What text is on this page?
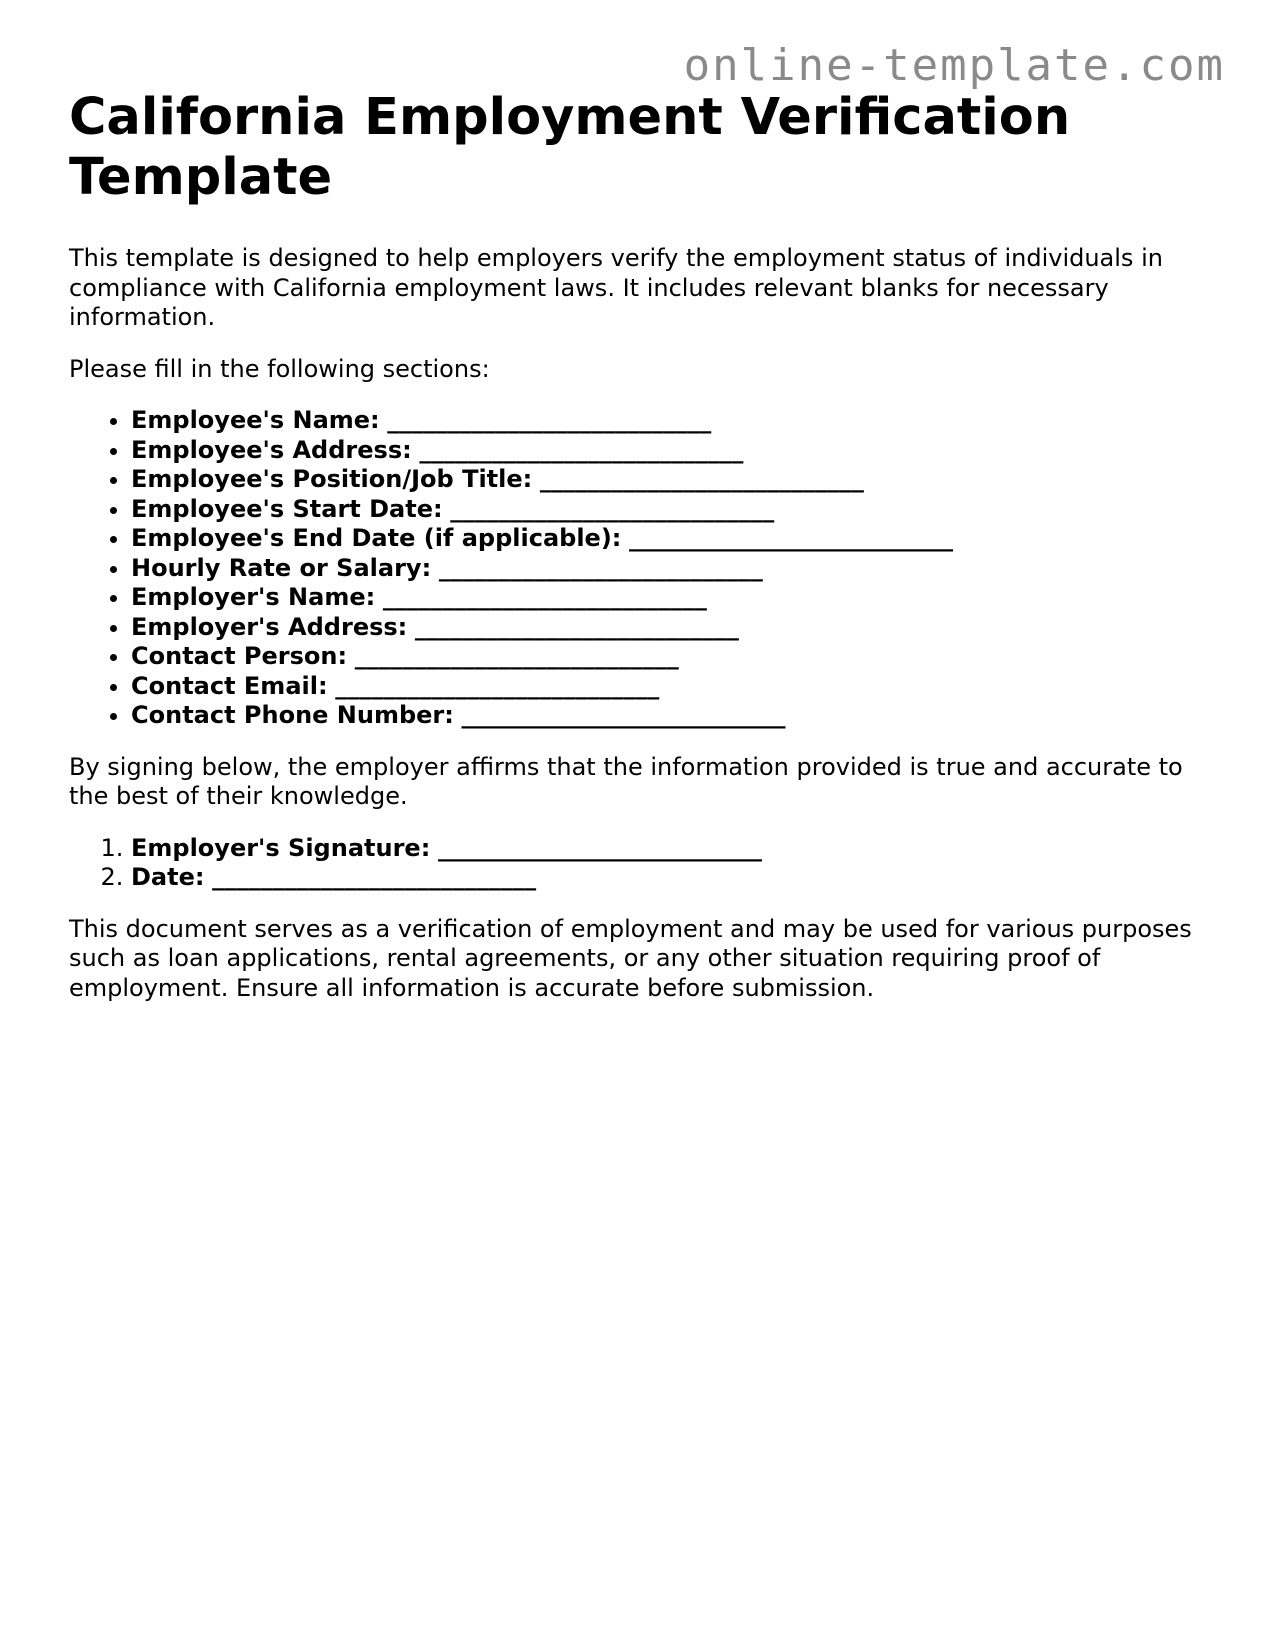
online-template.com
California Employment Verification Template

This template is designed to help employers verify the employment status of individuals in compliance with California employment laws. It includes relevant blanks for necessary information.

Please fill in the following sections:

• Employee's Name: ___________________________
• Employee's Address: ___________________________
• Employee's Position/Job Title: ___________________________
• Employee's Start Date: ___________________________
• Employee's End Date (if applicable): ___________________________
• Hourly Rate or Salary: ___________________________
• Employer's Name: ___________________________
• Employer's Address: ___________________________
• Contact Person: ___________________________
• Contact Email: ___________________________
• Contact Phone Number: ___________________________

By signing below, the employer affirms that the information provided is true and accurate to the best of their knowledge.

1. Employer's Signature: ___________________________
2. Date: ___________________________

This document serves as a verification of employment and may be used for various purposes such as loan applications, rental agreements, or any other situation requiring proof of employment. Ensure all information is accurate before submission.
